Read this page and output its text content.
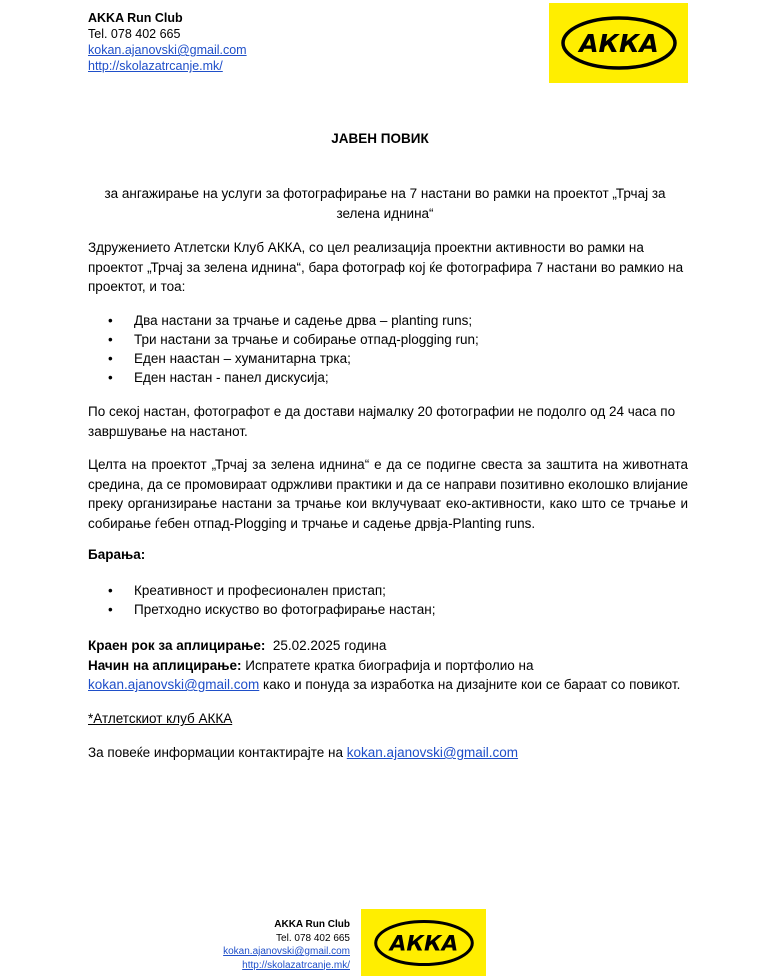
AKKA Run Club
Tel. 078 402 665
kokan.ajanovski@gmail.com
http://skolazatrcanje.mk/
АККА
ЈАВЕН ПОВИК
за ангажирање на услуги за фотографирање на 7 настани во рамки на проектот „Трчај за зелена иднина“
Здружението Атлетски Клуб АККА, со цел реализација проектни активности во рамки на проектот „Трчај за зелена иднина“, бара фотограф кој ќе фотографира 7 настани во рамкио на проектот, и тоа:
• Два настани за трчање и садење дрва – planting runs;
• Три настани за трчање и собирање отпад-plogging run;
• Еден наастан – хуманитарна трка;
• Еден настан - панел дискусија;
По секој настан, фотографот е да достави најмалку 20 фотографии не подолго од 24 часа по завршување на настанот.
Целта на проектот „Трчај за зелена иднина“ е да се подигне свеста за заштита на животната средина, да се промовираат одржливи практики и да се направи позитивно еколошко влијание преку организирање настани за трчање кои вклучуваат еко-активности, како што се трчање и собирање ѓебен отпад-Plogging и трчање и садење дрвја-Planting runs.
Барања:
• Креативност и професионален пристап;
• Претходно искуство во фотографирање настан;
Краен рок за аплицирање: 25.02.2025 година
Начин на аплицирање: Испратете кратка биографија и портфолио на
kokan.ajanovski@gmail.com како и понуда за изработка на дизајните кои се бараат со повикот.
*Атлетскиот клуб АККА
За повеќе информации контактирајте на kokan.ajanovski@gmail.com
AKKA Run Club
Tel. 078 402 665
kokan.ajanovski@gmail.com
http://skolazatrcanje.mk/
АККА
